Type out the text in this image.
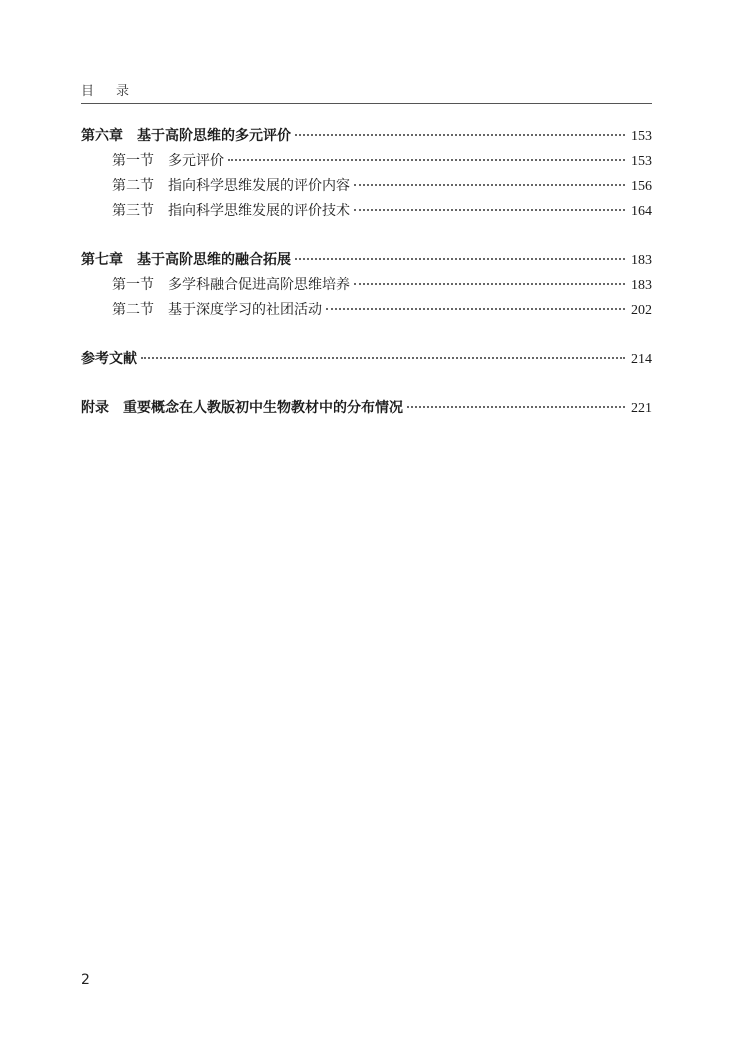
目 录
第六章 基于高阶思维的多元评价	153
第一节 多元评价	153
第二节 指向科学思维发展的评价内容	156
第三节 指向科学思维发展的评价技术	164
第七章 基于高阶思维的融合拓展	183
第一节 多学科融合促进高阶思维培养	183
第二节 基于深度学习的社团活动	202
参考文献	214
附录 重要概念在人教版初中生物教材中的分布情况	221
2
